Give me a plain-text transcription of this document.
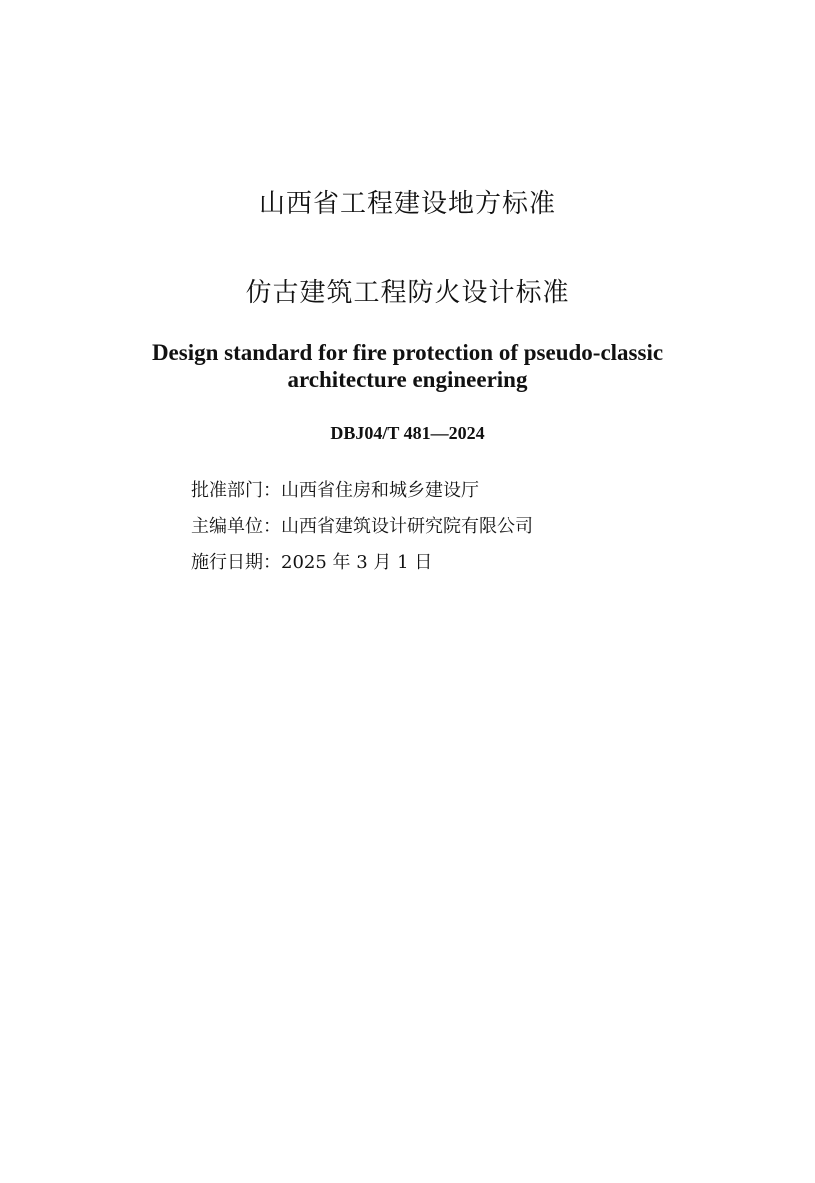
山西省工程建设地方标准
仿古建筑工程防火设计标准
Design standard for fire protection of pseudo-classic
architecture engineering
DBJ04/T 481—2024
批准部门：山西省住房和城乡建设厅
主编单位：山西省建筑设计研究院有限公司
施行日期：2025 年 3 月 1 日
